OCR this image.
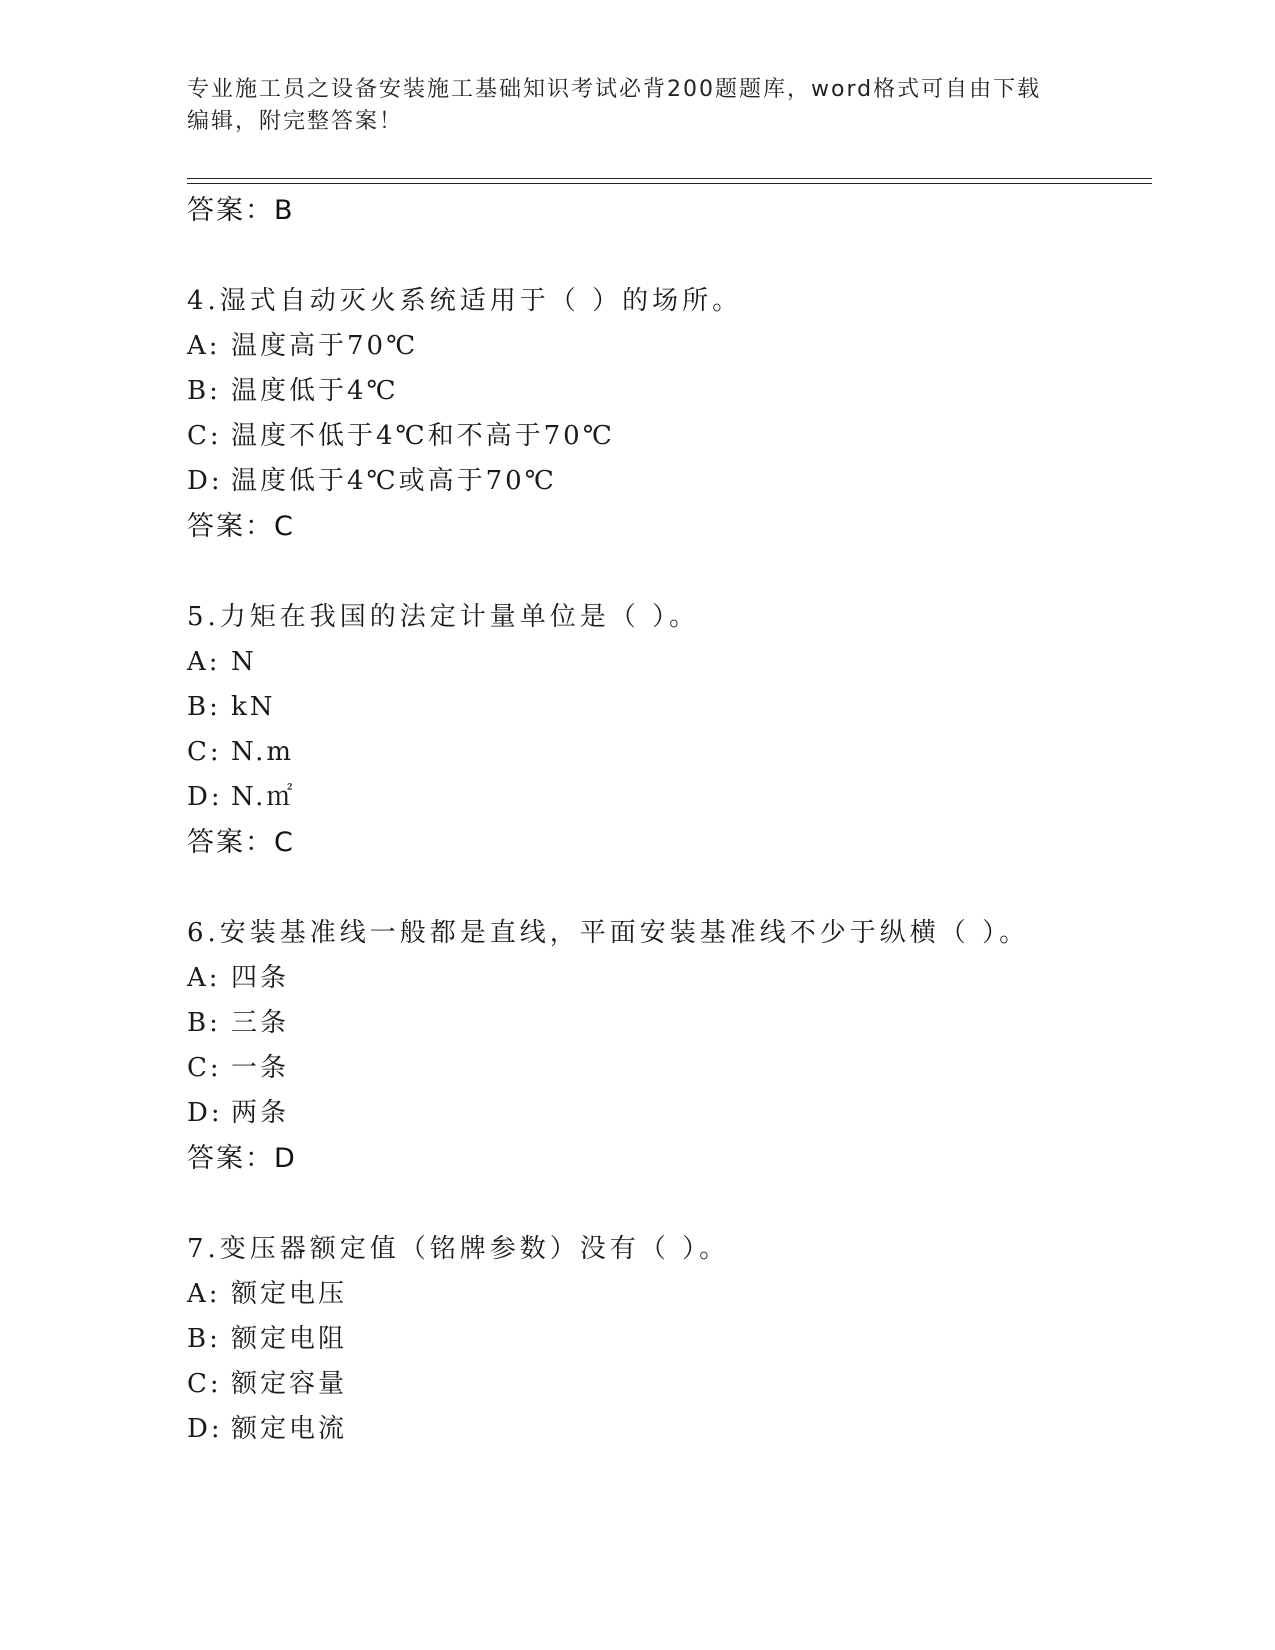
专业施工员之设备安装施工基础知识考试必背200题题库，word格式可自由下载
编辑，附完整答案！
答案：B
4.湿式自动灭火系统适用于（ ）的场所。
A: 温度高于70℃
B: 温度低于4℃
C: 温度不低于4℃和不高于70℃
D: 温度低于4℃或高于70℃
答案：C
5.力矩在我国的法定计量单位是（ ）。
A: N
B: kN
C: N.m
D: N.㎡
答案：C
6.安装基准线一般都是直线，平面安装基准线不少于纵横（ ）。
A: 四条
B: 三条
C: 一条
D: 两条
答案：D
7.变压器额定值（铭牌参数）没有（ ）。
A: 额定电压
B: 额定电阻
C: 额定容量
D: 额定电流
